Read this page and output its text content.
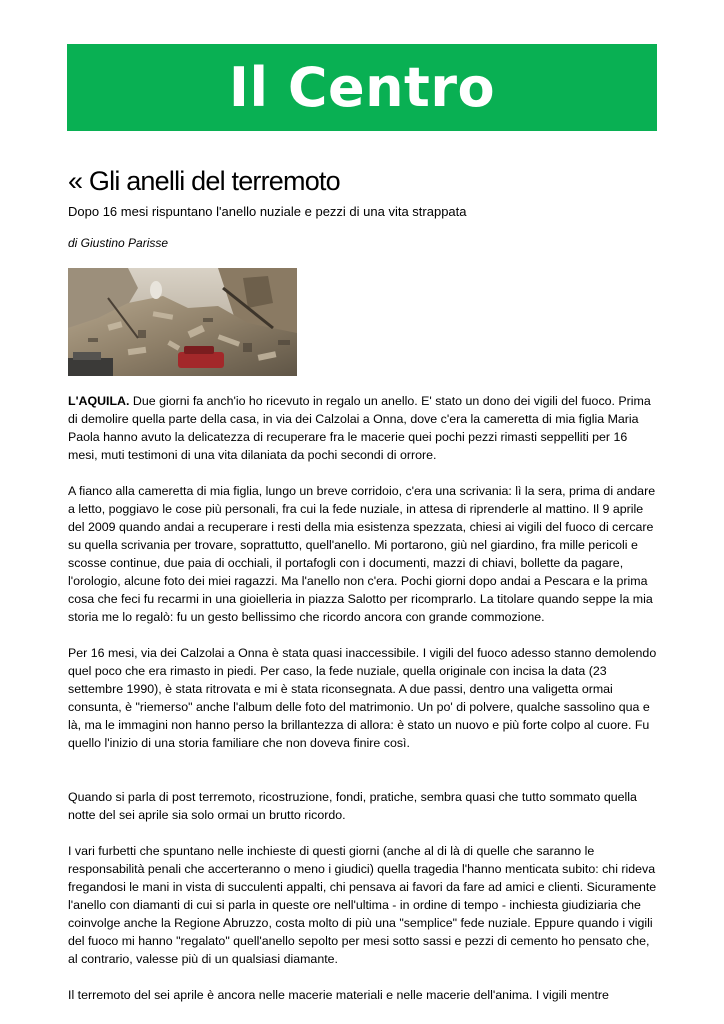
Il Centro
« Gli anelli del terremoto

Dopo 16 mesi rispuntano l'anello nuziale e pezzi di una vita strappata

di Giustino Parisse

L'AQUILA. Due giorni fa anch'io ho ricevuto in regalo un anello. E' stato un dono dei vigili del fuoco. Prima di demolire quella parte della casa, in via dei Calzolai a Onna, dove c'era la cameretta di mia figlia Maria Paola hanno avuto la delicatezza di recuperare fra le macerie quei pochi pezzi rimasti seppelliti per 16 mesi, muti testimoni di una vita dilaniata da pochi secondi di orrore.

A fianco alla cameretta di mia figlia, lungo un breve corridoio, c'era una scrivania: lì la sera, prima di andare a letto, poggiavo le cose più personali, fra cui la fede nuziale, in attesa di riprenderle al mattino. Il 9 aprile del 2009 quando andai a recuperare i resti della mia esistenza spezzata, chiesi ai vigili del fuoco di cercare su quella scrivania per trovare, soprattutto, quell'anello. Mi portarono, giù nel giardino, fra mille pericoli e scosse continue, due paia di occhiali, il portafogli con i documenti, mazzi di chiavi, bollette da pagare, l'orologio, alcune foto dei miei ragazzi. Ma l'anello non c'era. Pochi giorni dopo andai a Pescara e la prima cosa che feci fu recarmi in una gioielleria in piazza Salotto per ricomprarlo. La titolare quando seppe la mia storia me lo regalò: fu un gesto bellissimo che ricordo ancora con grande commozione.

Per 16 mesi, via dei Calzolai a Onna è stata quasi inaccessibile. I vigili del fuoco adesso stanno demolendo quel poco che era rimasto in piedi. Per caso, la fede nuziale, quella originale con incisa la data (23 settembre 1990), è stata ritrovata e mi è stata riconsegnata. A due passi, dentro una valigetta ormai consunta, è "riemerso" anche l'album delle foto del matrimonio. Un po' di polvere, qualche sassolino qua e là, ma le immagini non hanno perso la brillantezza di allora: è stato un nuovo e più forte colpo al cuore. Fu quello l'inizio di una storia familiare che non doveva finire così.

Quando si parla di post terremoto, ricostruzione, fondi, pratiche, sembra quasi che tutto sommato quella notte del sei aprile sia solo ormai un brutto ricordo.

I vari furbetti che spuntano nelle inchieste di questi giorni (anche al di là di quelle che saranno le responsabilità penali che accerteranno o meno i giudici) quella tragedia l'hanno menticata subito: chi rideva fregandosi le mani in vista di succulenti appalti, chi pensava ai favori da fare ad amici e clienti. Sicuramente l'anello con diamanti di cui si parla in queste ore nell'ultima - in ordine di tempo - inchiesta giudiziaria che coinvolge anche la Regione Abruzzo, costa molto di più una "semplice" fede nuziale. Eppure quando i vigili del fuoco mi hanno "regalato" quell'anello sepolto per mesi sotto sassi e pezzi di cemento ho pensato che, al contrario, valesse più di un qualsiasi diamante.

Il terremoto del sei aprile è ancora nelle macerie materiali e nelle macerie dell'anima. I vigili mentre
